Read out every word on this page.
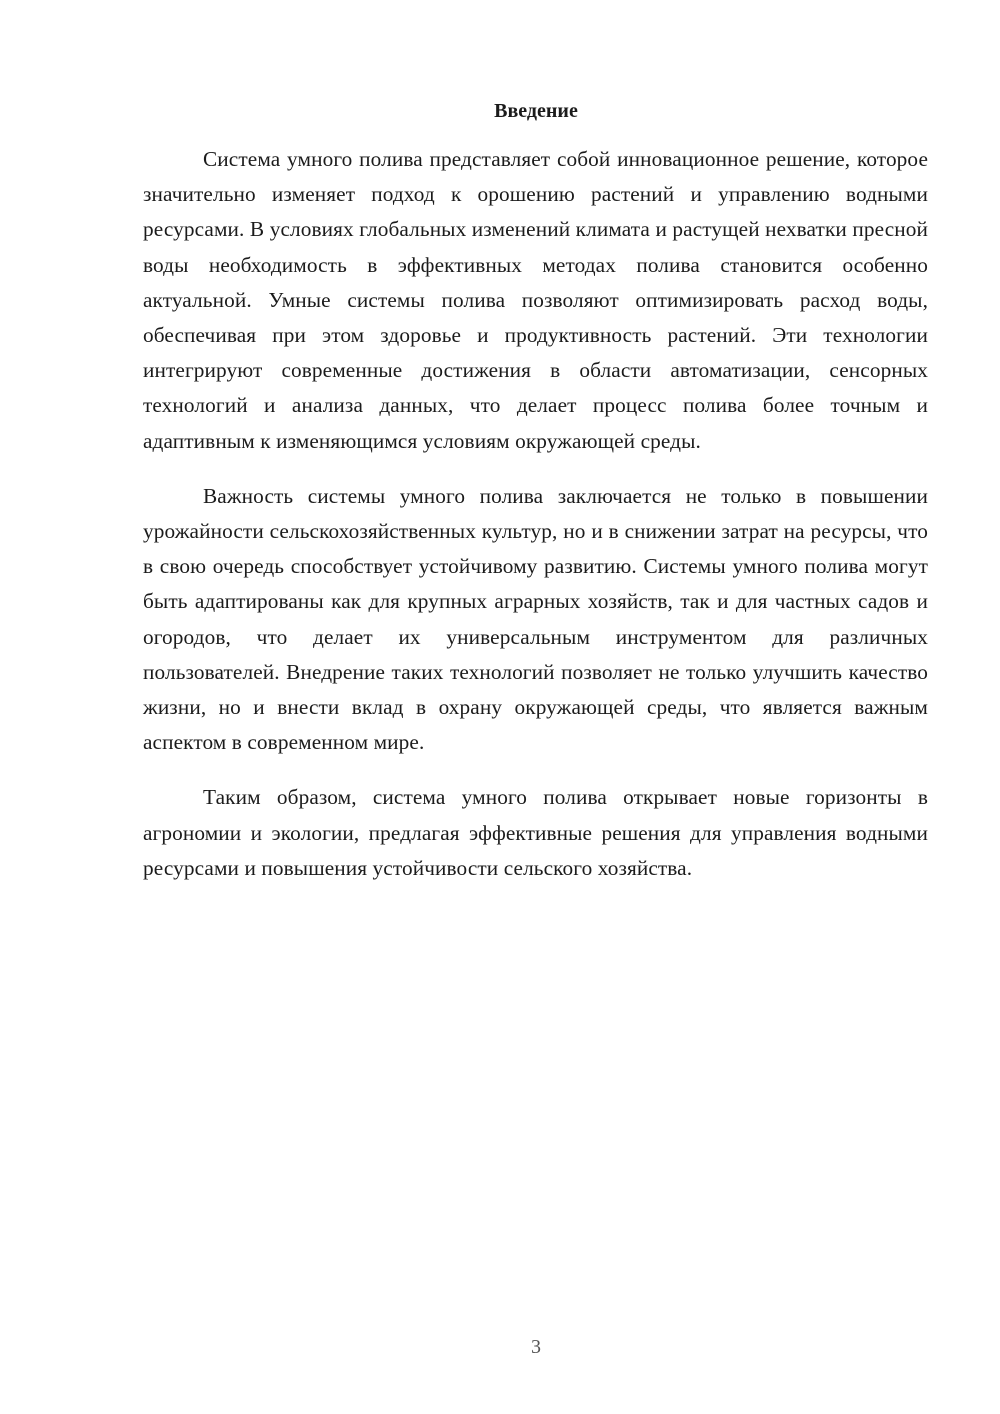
Введение

Система умного полива представляет собой инновационное решение, которое значительно изменяет подход к орошению растений и управлению водными ресурсами. В условиях глобальных изменений климата и растущей нехватки пресной воды необходимость в эффективных методах полива становится особенно актуальной. Умные системы полива позволяют оптимизировать расход воды, обеспечивая при этом здоровье и продуктивность растений. Эти технологии интегрируют современные достижения в области автоматизации, сенсорных технологий и анализа данных, что делает процесс полива более точным и адаптивным к изменяющимся условиям окружающей среды.

Важность системы умного полива заключается не только в повышении урожайности сельскохозяйственных культур, но и в снижении затрат на ресурсы, что в свою очередь способствует устойчивому развитию. Системы умного полива могут быть адаптированы как для крупных аграрных хозяйств, так и для частных садов и огородов, что делает их универсальным инструментом для различных пользователей. Внедрение таких технологий позволяет не только улучшить качество жизни, но и внести вклад в охрану окружающей среды, что является важным аспектом в современном мире.

Таким образом, система умного полива открывает новые горизонты в агрономии и экологии, предлагая эффективные решения для управления водными ресурсами и повышения устойчивости сельского хозяйства.

3
